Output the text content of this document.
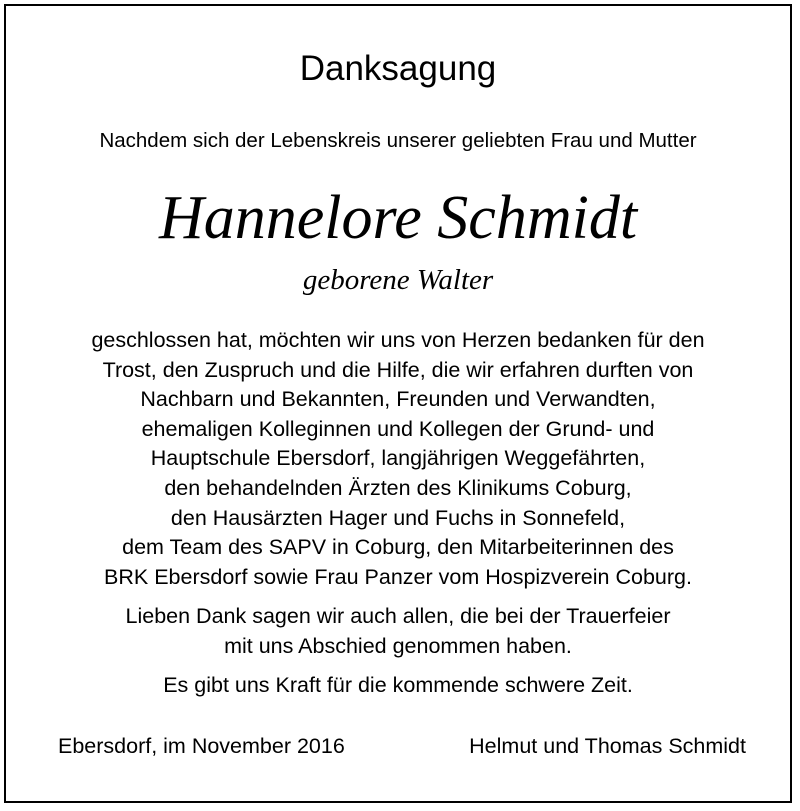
Danksagung
Nachdem sich der Lebenskreis unserer geliebten Frau und Mutter
Hannelore Schmidt
geborene Walter
geschlossen hat, möchten wir uns von Herzen bedanken für den
Trost, den Zuspruch und die Hilfe, die wir erfahren durften von
Nachbarn und Bekannten, Freunden und Verwandten,
ehemaligen Kolleginnen und Kollegen der Grund- und
Hauptschule Ebersdorf, langjährigen Weggefährten,
den behandelnden Ärzten des Klinikums Coburg,
den Hausärzten Hager und Fuchs in Sonnefeld,
dem Team des SAPV in Coburg, den Mitarbeiterinnen des
BRK Ebersdorf sowie Frau Panzer vom Hospizverein Coburg.
Lieben Dank sagen wir auch allen, die bei der Trauerfeier
mit uns Abschied genommen haben.
Es gibt uns Kraft für die kommende schwere Zeit.
Ebersdorf, im November 2016	Helmut und Thomas Schmidt
